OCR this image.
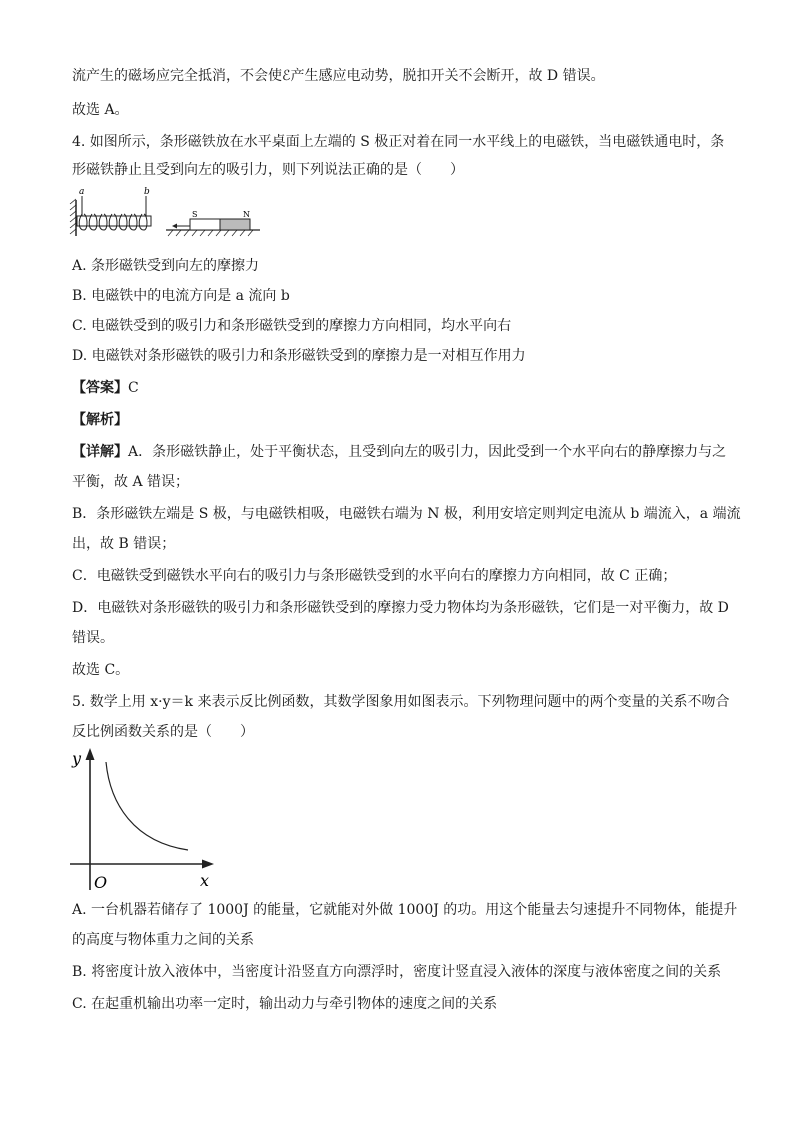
流产生的磁场应完全抵消，不会使ℰ产生感应电动势，脱扣开关不会断开，故 D 错误。
故选 A。
4. 如图所示，条形磁铁放在水平桌面上左端的 S 极正对着在同一水平线上的电磁铁，当电磁铁通电时，条
形磁铁静止且受到向左的吸引力，则下列说法正确的是（　　）
a	b
S	N
A. 条形磁铁受到向左的摩擦力
B. 电磁铁中的电流方向是 a 流向 b
C. 电磁铁受到的吸引力和条形磁铁受到的摩擦力方向相同，均水平向右
D. 电磁铁对条形磁铁的吸引力和条形磁铁受到的摩擦力是一对相互作用力
【答案】C
【解析】
【详解】A．条形磁铁静止，处于平衡状态，且受到向左的吸引力，因此受到一个水平向右的静摩擦力与之
平衡，故 A 错误；
B．条形磁铁左端是 S 极，与电磁铁相吸，电磁铁右端为 N 极，利用安培定则判定电流从 b 端流入，a 端流
出，故 B 错误；
C．电磁铁受到磁铁水平向右的吸引力与条形磁铁受到的水平向右的摩擦力方向相同，故 C 正确；
D．电磁铁对条形磁铁的吸引力和条形磁铁受到的摩擦力受力物体均为条形磁铁，它们是一对平衡力，故 D
错误。
故选 C。
5. 数学上用 x·y＝k 来表示反比例函数，其数学图象用如图表示。下列物理问题中的两个变量的关系不吻合
反比例函数关系的是（　　）
y
x
O
A. 一台机器若储存了 1000J 的能量，它就能对外做 1000J 的功。用这个能量去匀速提升不同物体，能提升
的高度与物体重力之间的关系
B. 将密度计放入液体中，当密度计沿竖直方向漂浮时，密度计竖直浸入液体的深度与液体密度之间的关系
C. 在起重机输出功率一定时，输出动力与牵引物体的速度之间的关系
